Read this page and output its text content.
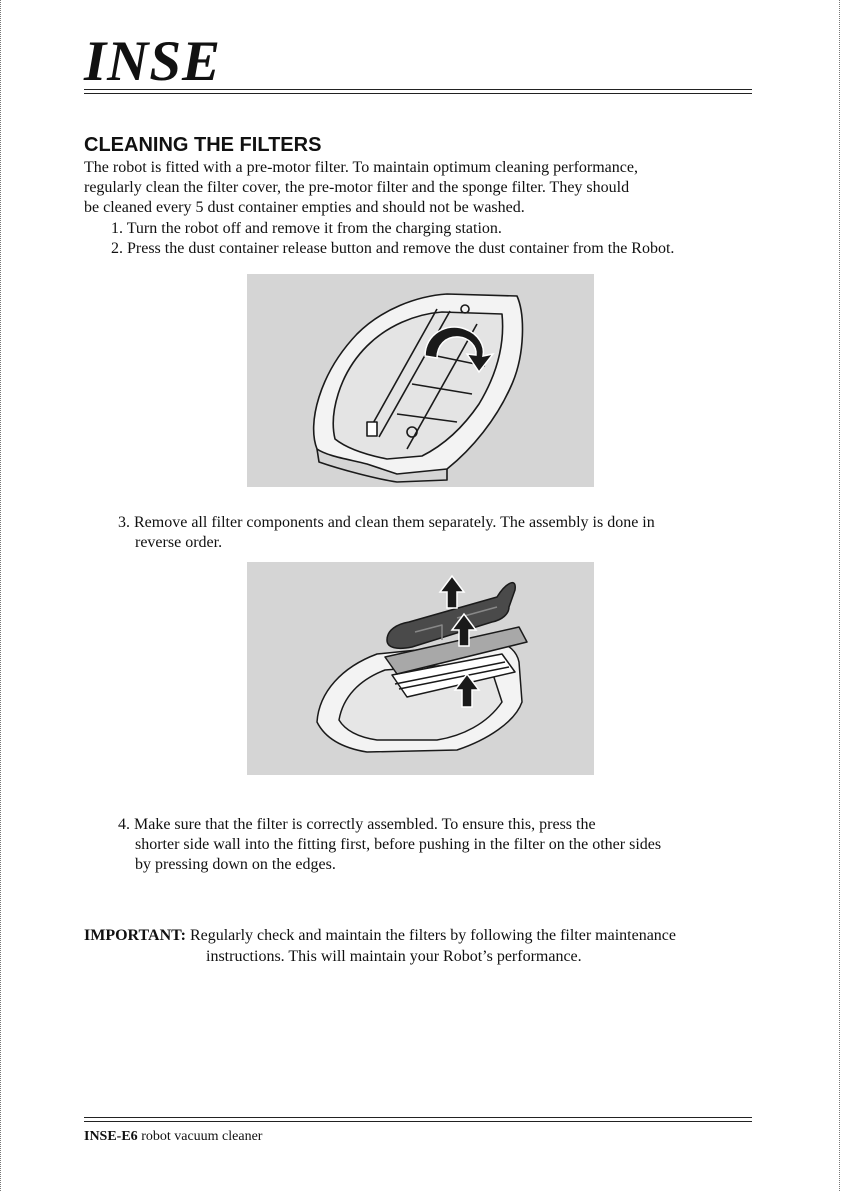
INSE
CLEANING THE FILTERS
The robot is fitted with a pre-motor filter. To maintain optimum cleaning performance,
regularly clean the filter cover, the pre-motor filter and the sponge filter. They should
be cleaned every 5 dust container empties and should not be washed.
1. Turn the robot off and remove it from the charging station.
2. Press the dust container release button and remove the dust container from the Robot.
3. Remove all filter components and clean them separately. The assembly is done in
reverse order.
4. Make sure that the filter is correctly assembled. To ensure this, press the
shorter side wall into the fitting first, before pushing in the filter on the other sides
by pressing down on the edges.
IMPORTANT: Regularly check and maintain the filters by following the filter maintenance
instructions. This will maintain your Robot’s performance.
INSE-E6 robot vacuum cleaner
